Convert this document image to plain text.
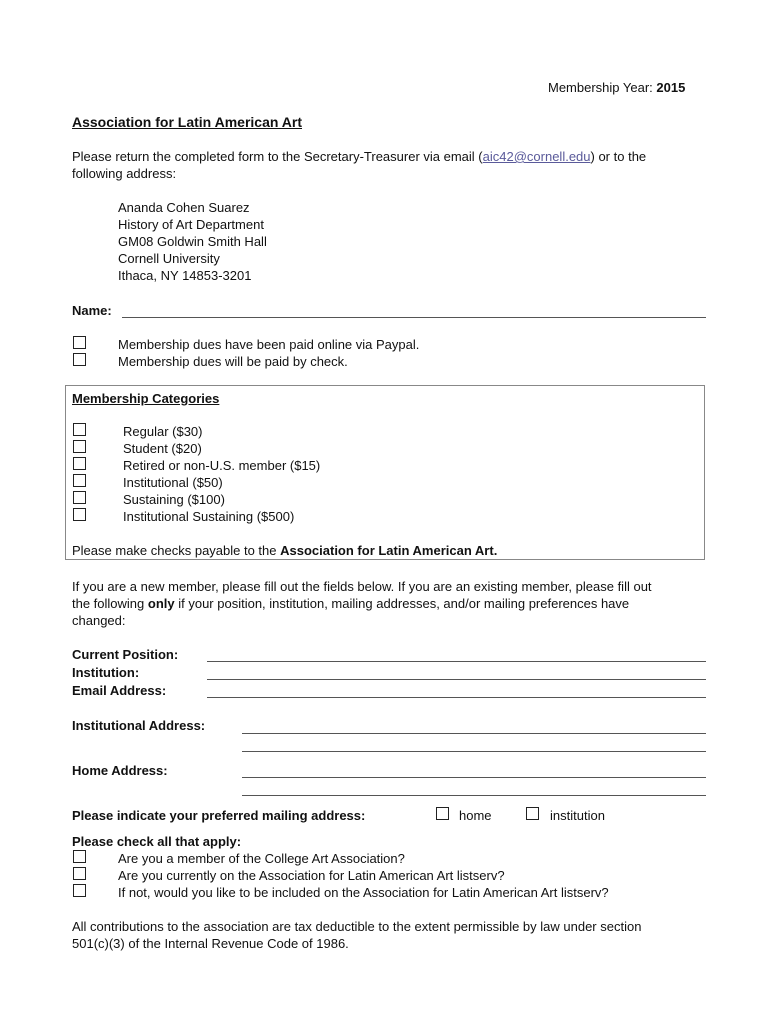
Membership Year: 2015
Association for Latin American Art
Please return the completed form to the Secretary-Treasurer via email (aic42@cornell.edu) or to the
following address:
Ananda Cohen Suarez
History of Art Department
GM08 Goldwin Smith Hall
Cornell University
Ithaca, NY 14853-3201
Name:
Membership dues have been paid online via Paypal.
Membership dues will be paid by check.
Membership Categories
Regular ($30)
Student ($20)
Retired or non-U.S. member ($15)
Institutional ($50)
Sustaining ($100)
Institutional Sustaining ($500)
Please make checks payable to the Association for Latin American Art.
If you are a new member, please fill out the fields below. If you are an existing member, please fill out
the following only if your position, institution, mailing addresses, and/or mailing preferences have
changed:
Current Position:
Institution:
Email Address:
Institutional Address:
Home Address:
Please indicate your preferred mailing address:	home	institution
Please check all that apply:
Are you a member of the College Art Association?
Are you currently on the Association for Latin American Art listserv?
If not, would you like to be included on the Association for Latin American Art listserv?
All contributions to the association are tax deductible to the extent permissible by law under section
501(c)(3) of the Internal Revenue Code of 1986.
